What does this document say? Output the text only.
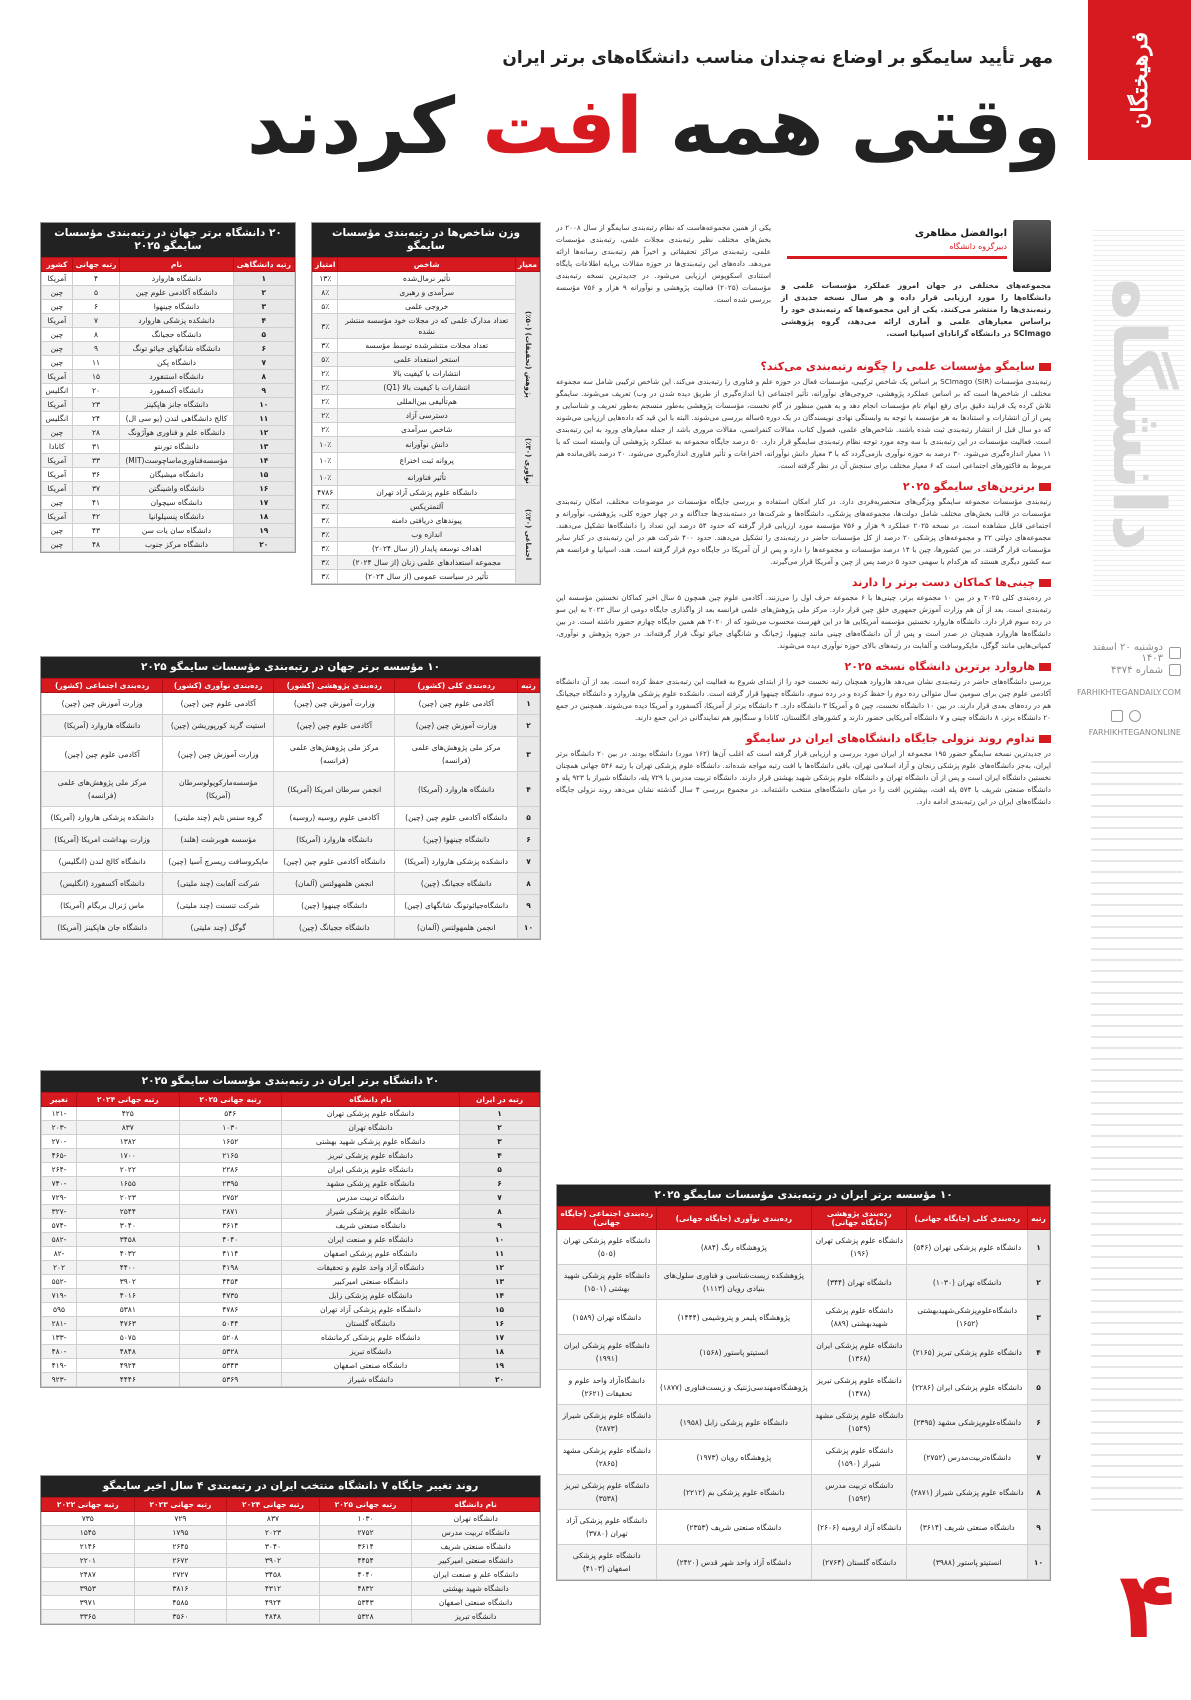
فرهیختگان
دانشگاه
دوشنبه ۲۰ اسفند ۱۴۰۳
شماره ۴۳۷۴
FARHIKHTEGANDAILY.COM
FARHIKHTEGANONLINE
۴
مهر تأیید سایمگو بر اوضاع نه‌چندان مناسب دانشگاه‌های برتر ایران
وقتی همه افت کردند
ابوالفضل مظاهری
دبیرگروه دانشگاه
مجموعه‌های مختلفی در جهان امروز عملکرد مؤسسات علمی و دانشگاه‌ها را مورد ارزیابی قرار داده و هر سال نسخه جدیدی از رتبه‌بندی‌ها را منتشر می‌کنند. یکی از این مجموعه‌ها که رتبه‌بندی خود را براساس معیار‌های علمی و آماری ارائه می‌دهد، گروه پژوهشی SCImago در دانشگاه گرانادای اسپانیا است.
یکی از همین مجموعه‌هاست که نظام رتبه‌بندی سایمگو از سال ۲۰۰۸ در بخش‌های مختلف نظیر رتبه‌بندی مجلات علمی، رتبه‌بندی مؤسسات علمی، رتبه‌بندی مراکز تحقیقاتی و اخیراً هم رتبه‌بندی رسانه‌ها ارائه می‌دهد. داده‌های این رتبه‌بندی‌ها در حوزه مقالات برپایه اطلاعات پایگاه استنادی اسکوپوس ارزیابی می‌شود. در جدیدترین نسخه رتبه‌بندی مؤسسات (۲۰۲۵) فعالیت پژوهشی و نوآورانه ۹ هزار و ۷۵۶ مؤسسه بررسی شده است.
سایمگو مؤسسات علمی را چگونه رتبه‌بندی می‌کند؟
رتبه‌بندی مؤسسات SCImago (SIR) بر اساس یک شاخص ترکیبی، مؤسسات فعال در حوزه علم و فناوری را رتبه‌بندی می‌کند. این شاخص ترکیبی شامل سه مجموعه مختلف از شاخص‌ها است که بر اساس عملکرد پژوهشی، خروجی‌های نوآورانه، تأثیر اجتماعی (با اندازه‌گیری از طریق دیده شدن در وب) تعریف می‌شوند. سایمگو تلاش کرده یک فرایند دقیق برای رفع ابهام نام مؤسسات انجام دهد و به همین منظور در گام نخست، مؤسسات پژوهشی به‌طور منسجم به‌طور تعریف و شناسایی و پس از آن انتشارات و استنادها به هر مؤسسه با توجه به وابستگی نهادی نویسندگان در یک دوره ۵ساله بررسی می‌شوند. البته با این قید که داده‌هایی ارزیابی می‌شوند که دو سال قبل از انتشار رتبه‌بندی ثبت شده باشند. شاخص‌های علمی، فصول کتاب، مقالات کنفرانسی، مقالات مروری باشد از جمله معیارهای ورود به این رتبه‌بندی است. فعالیت مؤسسات در این رتبه‌بندی با سه وجه مورد توجه نظام رتبه‌بندی سایمگو قرار دارد. ۵۰ درصد جایگاه مجموعه به عملکرد پژوهشی آن وابسته است که با ۱۱ معیار اندازه‌گیری می‌شود. ۳۰ درصد به حوزه نوآوری بازمی‌گردد که با ۳ معیار دانش نوآورانه، اختراعات و تأثیر فناوری اندازه‌گیری می‌شود. ۲۰ درصد باقی‌مانده هم مربوط به فاکتورهای اجتماعی است که ۶ معیار مختلف برای سنجش آن در نظر گرفته است.
برترین‌های سایمگو ۲۰۲۵
رتبه‌بندی مؤسسات مجموعه سایمگو ویژگی‌های منحصربه‌فردی دارد. در کنار امکان استفاده و بررسی جایگاه مؤسسات در موضوعات مختلف، امکان رتبه‌بندی مؤسسات در قالب بخش‌های مختلف شامل دولت‌ها، مجموعه‌های پزشکی، دانشگاه‌ها و شرکت‌ها در دسته‌بندی‌ها جداگانه و در چهار حوزه کلی، پژوهشی، نوآورانه و اجتماعی قابل مشاهده است. در نسخه ۲۰۲۵ عملکرد ۹ هزار و ۷۵۶ مؤسسه مورد ارزیابی قرار گرفته که حدود ۵۴ درصد این تعداد را دانشگاه‌ها تشکیل می‌دهند. مجموعه‌های دولتی ۲۲ و مجموعه‌های پزشکی ۲۰ درصد از کل مؤسسات حاضر در رتبه‌بندی را تشکیل می‌دهند. حدود ۴۰۰ شرکت هم در این رتبه‌بندی در کنار سایر مؤسسات قرار گرفتند. در بین کشورها، چین با ۱۴ درصد مؤسسات و مجموعه‌ها را دارد و پس از آن آمریکا در جایگاه دوم قرار گرفته است. هند، اسپانیا و فرانسه هم سه کشور دیگری هستند که هرکدام با سهمی حدود ۵ درصد پس از چین و آمریکا قرار می‌گیرند.
چینی‌ها کماکان دست برتر را دارند
در رده‌بندی کلی ۲۰۲۵ و در بین ۱۰ مجموعه برتر، چینی‌ها با ۶ مجموعه حرف اول را می‌زنند. آکادمی علوم چین همچون ۵ سال اخیر کماکان نخستین مؤسسه این رتبه‌بندی است. بعد از آن هم وزارت آموزش جمهوری خلق چین قرار دارد. مرکز ملی پژوهش‌های علمی فرانسه بعد از واگذاری جایگاه دومی از سال ۲۰۲۲ به این سو در رده سوم قرار دارد. دانشگاه هاروارد نخستین مؤسسه آمریکایی ها در این فهرست محسوب می‌شود که از ۲۰۲۰ هم همین جایگاه چهارم حضور داشته است. در بین دانشگاه‌ها هاروارد همچنان در صدر است و پس از آن دانشگاه‌های چینی مانند چینهوا، ژجیانگ و شانگهای جیائو تونگ قرار گرفته‌اند. در حوزه پژوهش و نوآوری، کمپانی‌هایی مانند گوگل، مایکروسافت و آلفابت در رتبه‌های بالای حوزه نوآوری دیده می‌شوند.
هاروارد برترین دانشگاه نسخه ۲۰۲۵
بررسی دانشگاه‌های حاضر در رتبه‌بندی نشان می‌دهد هاروارد همچنان رتبه نخست خود را از ابتدای شروع به فعالیت این رتبه‌بندی حفظ کرده است. بعد از آن دانشگاه آکادمی علوم چین برای سومین سال متوالی رده دوم را حفظ کرده و در رده سوم، دانشگاه چینهوا قرار گرفته است. دانشکده علوم پزشکی هاروارد و دانشگاه جیجیانگ هم در رده‌های بعدی قرار دارند. در بین ۱۰ دانشگاه نخست، چین ۵ و آمریکا ۳ دانشگاه دارد. ۴ دانشگاه برتر از آمریکا، آکسفورد و آمریکا دیده می‌شوند. همچنین در جمع ۲۰ دانشگاه برتر، ۸ دانشگاه چینی و ۷ دانشگاه آمریکایی حضور دارند و کشورهای انگلستان، کانادا و سنگاپور هم نمایندگانی در این جمع دارند.
تداوم روند نزولی جایگاه دانشگاه‌های ایران در سایمگو
در جدیدترین نسخه سایمگو حضور ۱۹۵ مجموعه از ایران مورد بررسی و ارزیابی قرار گرفته است که اغلب آن‌ها (۱۶۲ مورد) دانشگاه بودند. در بین ۲۰ دانشگاه برتر ایران، به‌جز دانشگاه‌های علوم پزشکی زنجان و آزاد اسلامی تهران، باقی دانشگاه‌ها با افت رتبه مواجه شده‌اند. دانشگاه علوم پزشکی تهران با رتبه ۵۴۶ جهانی همچنان نخستین دانشگاه ایران است و پس از آن دانشگاه تهران و دانشگاه علوم پزشکی شهید بهشتی قرار دارند. دانشگاه تربیت مدرس با ۷۲۹ پله، دانشگاه شیراز با ۹۲۳ پله و دانشگاه صنعتی شریف با ۵۷۴ پله افت، بیشترین افت را در میان دانشگاه‌های منتخب داشته‌اند. در مجموع بررسی ۴ سال گذشته نشان می‌دهد روند نزولی جایگاه دانشگاه‌های ایران در این رتبه‌بندی ادامه دارد.
وزن شاخص‌ها در رتبه‌بندی مؤسسات سایمگو
معیار	شاخص	امتیاز
پژوهش (تحقیقات) (۵۰٪)	تأثیر نرمال‌شده	۱۳٪
	سرآمدی و رهبری	۸٪
	خروجی علمی	۵٪
	تعداد مدارک علمی که در مجلات خود مؤسسه منتشر نشده	۳٪
	تعداد مجلات منتشرشده توسط مؤسسه	۳٪
	استخر استعداد علمی	۵٪
	انتشارات با کیفیت بالا	۲٪
	انتشارات با کیفیت بالا (Q1)	۲٪
	هم‌تألیفی بین‌المللی	۲٪
	دسترسی آزاد	۲٪
	شاخص سرآمدی	۲٪
نوآوری (۳۰٪)	دانش نوآورانه	۱۰٪
	پروانه ثبت اختراع	۱۰٪
	تأثیر فناورانه	۱۰٪
اجتماعی (۲۰٪)	دانشگاه علوم پزشکی آزاد تهران	۴۷۸۶
	آلتمتریکس	۳٪
	پیوندهای دریافتی دامنه	۳٪
	اندازه وب	۳٪
	اهداف توسعه پایدار (از سال ۲۰۲۴)	۳٪
	مجموعه استعدادهای علمی زنان (از سال ۲۰۲۴)	۳٪
	تأثیر در سیاست عمومی (از سال ۲۰۲۴)	۳٪
۲۰ دانشگاه برتر جهان در رتبه‌بندی مؤسسات سایمگو ۲۰۲۵
رتبه دانشگاهی	نام	رتبه جهانی	کشور
۱	دانشگاه هاروارد	۴	آمریکا
۲	دانشگاه آکادمی علوم چین	۵	چین
۳	دانشگاه چینهوا	۶	چین
۴	دانشکده پزشکی هاروارد	۷	آمریکا
۵	دانشگاه ججیانگ	۸	چین
۶	دانشگاه شانگهای جیائو تونگ	۹	چین
۷	دانشگاه پکن	۱۱	چین
۸	دانشگاه استنفورد	۱۵	آمریکا
۹	دانشگاه آکسفورد	۲۰	انگلیس
۱۰	دانشگاه جانز هاپکینز	۲۳	آمریکا
۱۱	کالج دانشگاهی لندن (یو سی ال)	۲۴	انگلیس
۱۲	دانشگاه علم و فناوری هوآژونگ	۲۸	چین
۱۳	دانشگاه تورنتو	۳۱	کانادا
۱۴	مؤسسه‌فناوری‌ماساچوست(MIT)	۳۳	آمریکا
۱۵	دانشگاه میشیگان	۳۶	آمریکا
۱۶	دانشگاه واشینگتن	۳۷	آمریکا
۱۷	دانشگاه سیچوان	۴۱	چین
۱۸	دانشگاه پنسیلوانیا	۴۲	آمریکا
۱۹	دانشگاه سان یات سن	۴۳	چین
۲۰	دانشگاه مرکز جنوب	۴۸	چین
۱۰ مؤسسه برتر جهان در رتبه‌بندی مؤسسات سایمگو ۲۰۲۵
رتبه	رده‌بندی کلی (کشور)	رده‌بندی پژوهشی (کشور)	رده‌بندی نوآوری (کشور)	رده‌بندی اجتماعی (کشور)
۱	آکادمی علوم چین (چین)	وزارت آموزش چین (چین)	آکادمی علوم چین (چین)	وزارت آموزش چین (چین)
۲	وزارت آموزش چین (چین)	آکادمی علوم چین (چین)	استیت گرید کورپوریشن (چین)	دانشگاه هاروارد (آمریکا)
۳	مرکز ملی پژوهش‌های علمی (فرانسه)	مرکز ملی پژوهش‌های علمی (فرانسه)	وزارت آموزش چین (چین)	آکادمی علوم چین (چین)
۴	دانشگاه هاروارد (آمریکا)	انجمن سرطان امریکا (آمریکا)	مؤسسه‌مارکوپولوسرطان (آمریکا)	مرکز ملی پژوهش‌های علمی (فرانسه)
۵	دانشگاه آکادمی علوم چین (چین)	آکادمی علوم روسیه (روسیه)	گروه سنس تایم (چند ملیتی)	دانشکده پزشکی هاروارد (آمریکا)
۶	دانشگاه چینهوا (چین)	دانشگاه هاروارد (آمریکا)	مؤسسه هوبرشت (هلند)	وزارت بهداشت امریکا (آمریکا)
۷	دانشکده پزشکی هاروارد (آمریکا)	دانشگاه آکادمی علوم چین (چین)	مایکروسافت ریسرچ آسیا (چین)	دانشگاه کالج لندن (انگلیس)
۸	دانشگاه ججیانگ (چین)	انجمن هلمهولتس (آلمان)	شرکت آلفابت (چند ملیتی)	دانشگاه آکسفورد (انگلیس)
۹	دانشگاه‌جیائوتونگ شانگهای (چین)	دانشگاه چینهوا (چین)	شرکت تنسنت (چند ملیتی)	ماس ژنرال بریگام (آمریکا)
۱۰	انجمن هلمهولتس (آلمان)	دانشگاه ججیانگ (چین)	گوگل (چند ملیتی)	دانشگاه جان هاپکینز (آمریکا)
۲۰ دانشگاه برتر ایران در رتبه‌بندی مؤسسات سایمگو ۲۰۲۵
رتبه در ایران	نام دانشگاه	رتبه جهانی ۲۰۲۵	رتبه جهانی ۲۰۲۴	تغییر
۱	دانشگاه علوم پزشکی تهران	۵۴۶	۴۲۵	-۱۲۱
۲	دانشگاه تهران	۱۰۳۰	۸۳۷	-۲۰۳
۳	دانشگاه علوم پزشکی شهید بهشتی	۱۶۵۲	۱۳۸۲	-۲۷۰
۴	دانشگاه علوم پزشکی تبریز	۲۱۶۵	۱۷۰۰	-۴۶۵
۵	دانشگاه علوم پزشکی ایران	۲۲۸۶	۲۰۲۲	-۲۶۴
۶	دانشگاه علوم پزشکی مشهد	۲۳۹۵	۱۶۵۵	-۷۴۰
۷	دانشگاه تربیت مدرس	۲۷۵۲	۲۰۲۳	-۷۲۹
۸	دانشگاه علوم پزشکی شیراز	۲۸۷۱	۲۵۴۴	-۳۲۷
۹	دانشگاه صنعتی شریف	۳۶۱۴	۳۰۴۰	-۵۷۴
۱۰	دانشگاه علم و صنعت ایران	۴۰۴۰	۳۴۵۸	-۵۸۲
۱۱	دانشگاه علوم پزشکی اصفهان	۴۱۱۴	۴۰۳۲	-۸۲
۱۲	دانشگاه آزاد واحد علوم و تحقیقات	۴۱۹۸	۴۴۰۰	۲۰۲
۱۳	دانشگاه صنعتی امیرکبیر	۴۴۵۴	۳۹۰۲	-۵۵۲
۱۴	دانشگاه علوم پزشکی زابل	۴۷۳۵	۴۰۱۶	-۷۱۹
۱۵	دانشگاه علوم پزشکی آزاد تهران	۴۷۸۶	۵۳۸۱	۵۹۵
۱۶	دانشگاه گلستان	۵۰۴۴	۴۷۶۳	-۲۸۱
۱۷	دانشگاه علوم پزشکی کرمانشاه	۵۲۰۸	۵۰۷۵	-۱۳۳
۱۸	دانشگاه تبریز	۵۳۲۸	۴۸۴۸	-۴۸۰
۱۹	دانشگاه صنعتی اصفهان	۵۳۴۳	۴۹۲۴	-۴۱۹
۲۰	دانشگاه شیراز	۵۳۶۹	۴۴۴۶	-۹۲۳
روند تغییر جایگاه ۷ دانشگاه منتخب ایران در رتبه‌بندی ۴ سال اخیر سایمگو
نام دانشگاه	رتبه جهانی ۲۰۲۵	رتبه جهانی ۲۰۲۴	رتبه جهانی ۲۰۲۳	رتبه جهانی ۲۰۲۲
دانشگاه تهران	۱۰۳۰	۸۳۷	۷۲۹	۷۳۵
دانشگاه تربیت مدرس	۲۷۵۲	۲۰۲۳	۱۷۹۵	۱۵۴۵
دانشگاه صنعتی شریف	۳۶۱۴	۳۰۴۰	۲۶۴۵	۲۱۴۶
دانشگاه صنعتی امیرکبیر	۴۴۵۴	۳۹۰۲	۲۶۷۲	۲۲۰۱
دانشگاه علم و صنعت ایران	۴۰۴۰	۳۴۵۸	۲۷۲۷	۲۴۸۷
دانشگاه شهید بهشتی	۴۸۳۲	۴۳۱۲	۳۸۱۶	۳۹۵۳
دانشگاه صنعتی اصفهان	۵۳۴۳	۴۹۲۴	۴۵۸۵	۳۹۷۱
دانشگاه تبریز	۵۳۲۸	۴۸۴۸	۳۵۶۰	۳۳۶۵
۱۰ مؤسسه برتر ایران در رتبه‌بندی مؤسسات سایمگو ۲۰۲۵
رتبه	رده‌بندی کلی (جایگاه جهانی)	رده‌بندی پژوهشی (جایگاه جهانی)	رده‌بندی نوآوری (جایگاه جهانی)	رده‌بندی اجتماعی (جایگاه جهانی)
۱	دانشگاه علوم پزشکی تهران (۵۴۶)	دانشگاه علوم پزشکی تهران (۱۹۶)	پژوهشگاه رنگ (۸۸۴)	دانشگاه علوم پزشکی تهران (۵۰۵)
۲	دانشگاه تهران (۱۰۳۰)	دانشگاه تهران (۳۴۴)	پژوهشکده زیست‌شناسی و فناوری سلول‌های بنیادی رویان (۱۱۱۳)	دانشگاه علوم پزشکی شهید بهشتی (۱۵۰۱)
۳	دانشگاه‌علوم‌پزشکی‌شهیدبهشتی (۱۶۵۲)	دانشگاه علوم پزشکی شهیدبهشتی (۸۸۹)	پژوهشگاه پلیمر و پتروشیمی (۱۴۴۴)	دانشگاه تهران (۱۵۸۹)
۴	دانشگاه علوم پزشکی تبریز (۲۱۶۵)	دانشگاه علوم پزشکی ایران (۱۳۶۸)	انستیتو پاستور (۱۵۶۸)	دانشگاه علوم پزشکی ایران (۱۹۹۱)
۵	دانشگاه علوم پزشکی ایران (۲۲۸۶)	دانشگاه علوم پزشکی تبریز (۱۴۷۸)	پژوهشگاه‌مهندسی‌ژنتیک و زیست‌فناوری (۱۸۷۷)	دانشگاه‌آزاد واحد علوم و تحقیقات (۲۶۲۱)
۶	دانشگاه‌علوم‌پزشکی مشهد (۲۳۹۵)	دانشگاه علوم پزشکی مشهد (۱۵۴۹)	دانشگاه علوم پزشکی زابل (۱۹۵۸)	دانشگاه علوم پزشکی شیراز (۲۸۷۳)
۷	دانشگاه‌تربیت‌مدرس (۲۷۵۲)	دانشگاه علوم پزشکی شیراز (۱۵۹۰)	پژوهشگاه رویان (۱۹۷۳)	دانشگاه علوم پزشکی مشهد (۲۸۶۵)
۸	دانشگاه علوم پزشکی شیراز (۲۸۷۱)	دانشگاه تربیت مدرس (۱۵۹۲)	دانشگاه علوم پزشکی بم (۲۲۱۲)	دانشگاه علوم پزشکی تبریز (۳۵۳۸)
۹	دانشگاه صنعتی شریف (۳۶۱۴)	دانشگاه آزاد ارومیه (۲۶۰۶)	دانشگاه صنعتی شریف (۲۳۵۳)	دانشگاه علوم پزشکی آزاد تهران (۳۷۸۰)
۱۰	انستیتو پاستور (۳۹۸۸)	دانشگاه گلستان (۲۷۶۴)	دانشگاه آزاد واحد شهر قدس (۲۴۲۰)	دانشگاه علوم پزشکی اصفهان (۴۱۰۳)
